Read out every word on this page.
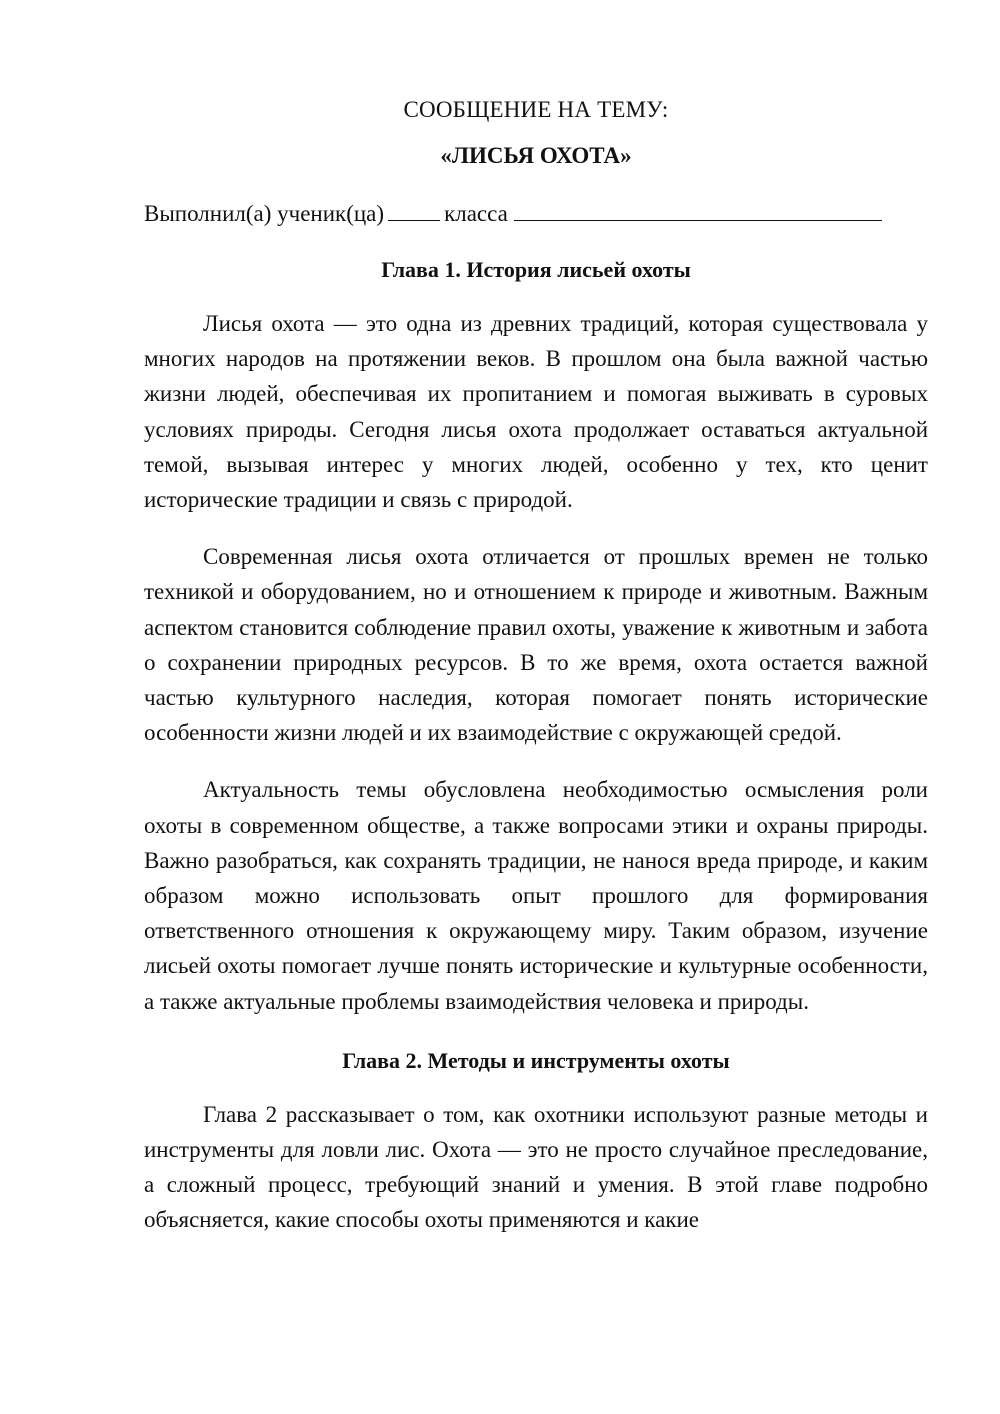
СООБЩЕНИЕ НА ТЕМУ:

«ЛИСЬЯ ОХОТА»

Выполнил(а) ученик(ца)	класса

Глава 1. История лисьей охоты

Лисья охота — это одна из древних традиций, которая существовала у многих народов на протяжении веков. В прошлом она была важной частью жизни людей, обеспечивая их пропитанием и помогая выживать в суровых условиях природы. Сегодня лисья охота продолжает оставаться актуальной темой, вызывая интерес у многих людей, особенно у тех, кто ценит исторические традиции и связь с природой.

Современная лисья охота отличается от прошлых времен не только техникой и оборудованием, но и отношением к природе и животным. Важным аспектом становится соблюдение правил охоты, уважение к животным и забота о сохранении природных ресурсов. В то же время, охота остается важной частью культурного наследия, которая помогает понять исторические особенности жизни людей и их взаимодействие с окружающей средой.

Актуальность темы обусловлена необходимостью осмысления роли охоты в современном обществе, а также вопросами этики и охраны природы. Важно разобраться, как сохранять традиции, не нанося вреда природе, и каким образом можно использовать опыт прошлого для формирования ответственного отношения к окружающему миру. Таким образом, изучение лисьей охоты помогает лучше понять исторические и культурные особенности, а также актуальные проблемы взаимодействия человека и природы.

Глава 2. Методы и инструменты охоты

Глава 2 рассказывает о том, как охотники используют разные методы и инструменты для ловли лис. Охота — это не просто случайное преследование, а сложный процесс, требующий знаний и умения. В этой главе подробно объясняется, какие способы охоты применяются и какие
